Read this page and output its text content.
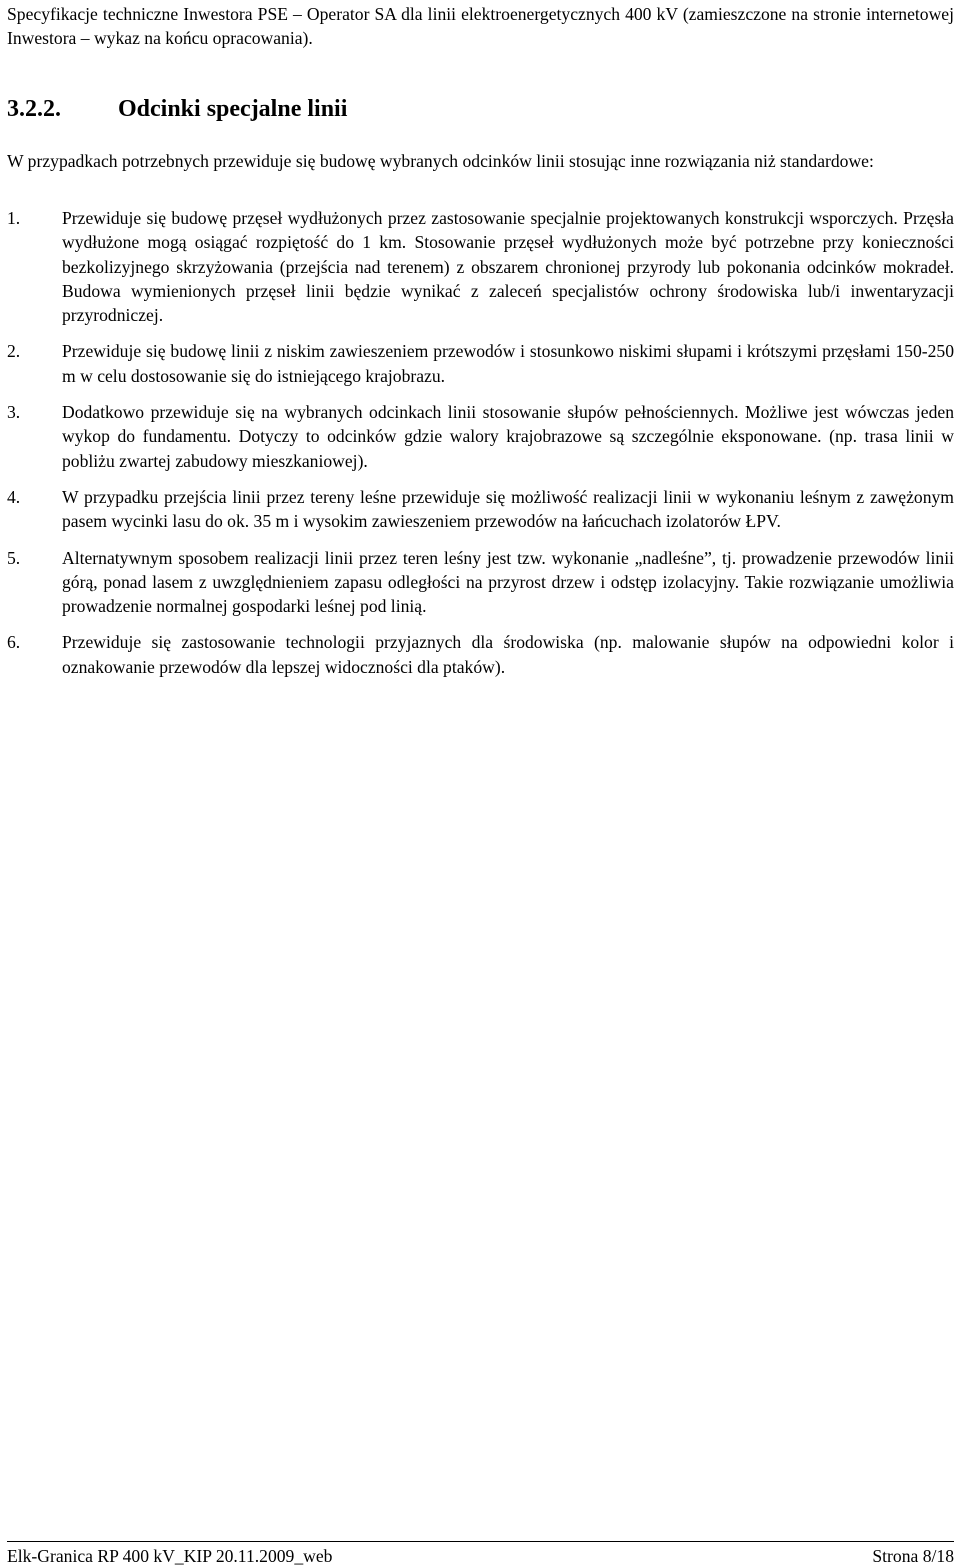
Specyfikacje techniczne Inwestora PSE – Operator SA dla linii elektroenergetycznych 400 kV (zamieszczone na stronie internetowej Inwestora – wykaz na końcu opracowania).

3.2.2. Odcinki specjalne linii

W przypadkach potrzebnych przewiduje się budowę wybranych odcinków linii stosując inne rozwiązania niż standardowe:

1. Przewiduje się budowę przęseł wydłużonych przez zastosowanie specjalnie projektowanych konstrukcji wsporczych. Przęsła wydłużone mogą osiągać rozpiętość do 1 km. Stosowanie przęseł wydłużonych może być potrzebne przy konieczności bezkolizyjnego skrzyżowania (przejścia nad terenem) z obszarem chronionej przyrody lub pokonania odcinków mokradeł. Budowa wymienionych przęseł linii będzie wynikać z zaleceń specjalistów ochrony środowiska lub/i inwentaryzacji przyrodniczej.
2. Przewiduje się budowę linii z niskim zawieszeniem przewodów i stosunkowo niskimi słupami i krótszymi przęsłami 150-250 m w celu dostosowanie się do istniejącego krajobrazu.
3. Dodatkowo przewiduje się na wybranych odcinkach linii stosowanie słupów pełnościennych. Możliwe jest wówczas jeden wykop do fundamentu. Dotyczy to odcinków gdzie walory krajobrazowe są szczególnie eksponowane. (np. trasa linii w pobliżu zwartej zabudowy mieszkaniowej).
4. W przypadku przejścia linii przez tereny leśne przewiduje się możliwość realizacji linii w wykonaniu leśnym z zawężonym pasem wycinki lasu do ok. 35 m i wysokim zawieszeniem przewodów na łańcuchach izolatorów ŁPV.
5. Alternatywnym sposobem realizacji linii przez teren leśny jest tzw. wykonanie „nadleśne”, tj. prowadzenie przewodów linii górą, ponad lasem z uwzględnieniem zapasu odległości na przyrost drzew i odstęp izolacyjny. Takie rozwiązanie umożliwia prowadzenie normalnej gospodarki leśnej pod linią.
6. Przewiduje się zastosowanie technologii przyjaznych dla środowiska (np. malowanie słupów na odpowiedni kolor i oznakowanie przewodów dla lepszej widoczności dla ptaków).
Elk-Granica RP 400 kV_KIP 20.11.2009_web	Strona 8/18
